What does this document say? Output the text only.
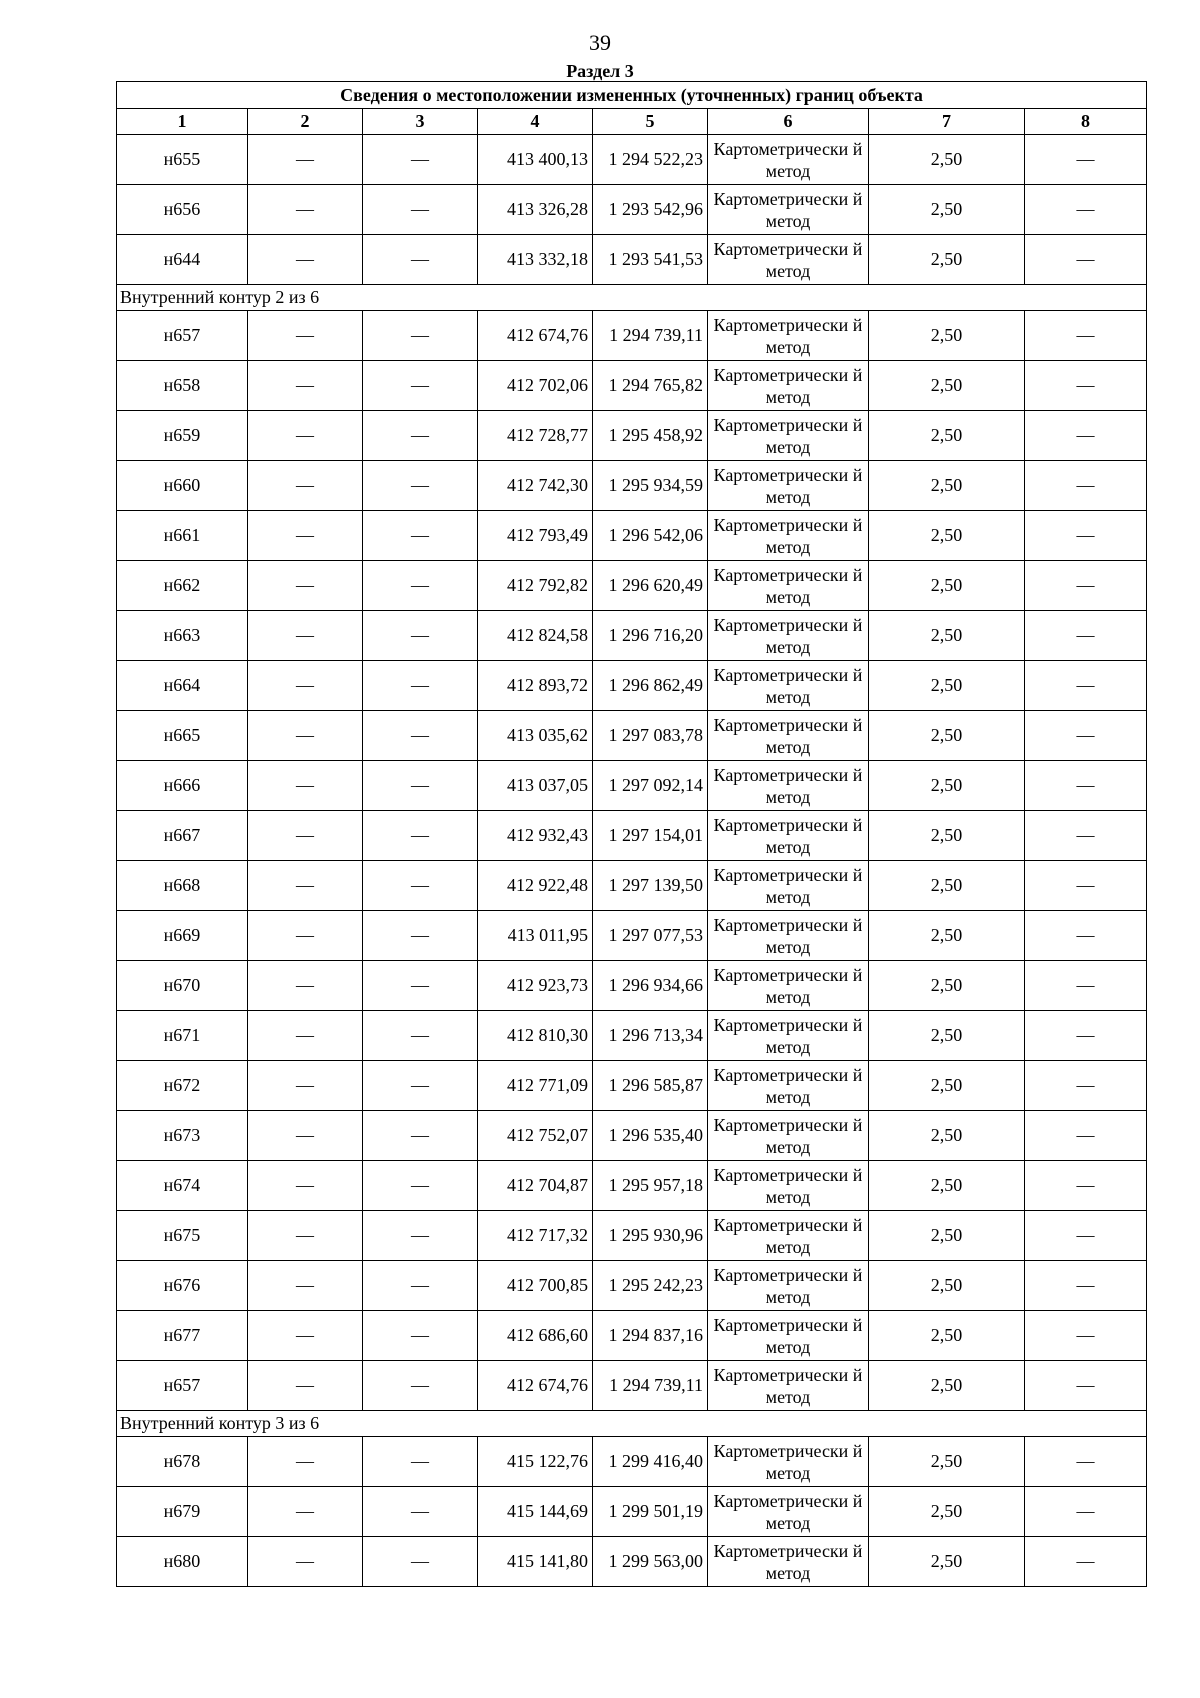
39
Раздел 3
Сведения о местоположении измененных (уточненных) границ объекта							
1	2	3	4	5	6	7	8
н655	—	—	413 400,13	1 294 522,23	Картометрически й метод	2,50	—
н656	—	—	413 326,28	1 293 542,96	Картометрически й метод	2,50	—
н644	—	—	413 332,18	1 293 541,53	Картометрически й метод	2,50	—
Внутренний контур 2 из 6							
н657	—	—	412 674,76	1 294 739,11	Картометрически й метод	2,50	—
н658	—	—	412 702,06	1 294 765,82	Картометрически й метод	2,50	—
н659	—	—	412 728,77	1 295 458,92	Картометрически й метод	2,50	—
н660	—	—	412 742,30	1 295 934,59	Картометрически й метод	2,50	—
н661	—	—	412 793,49	1 296 542,06	Картометрически й метод	2,50	—
н662	—	—	412 792,82	1 296 620,49	Картометрически й метод	2,50	—
н663	—	—	412 824,58	1 296 716,20	Картометрически й метод	2,50	—
н664	—	—	412 893,72	1 296 862,49	Картометрически й метод	2,50	—
н665	—	—	413 035,62	1 297 083,78	Картометрически й метод	2,50	—
н666	—	—	413 037,05	1 297 092,14	Картометрически й метод	2,50	—
н667	—	—	412 932,43	1 297 154,01	Картометрически й метод	2,50	—
н668	—	—	412 922,48	1 297 139,50	Картометрически й метод	2,50	—
н669	—	—	413 011,95	1 297 077,53	Картометрически й метод	2,50	—
н670	—	—	412 923,73	1 296 934,66	Картометрически й метод	2,50	—
н671	—	—	412 810,30	1 296 713,34	Картометрически й метод	2,50	—
н672	—	—	412 771,09	1 296 585,87	Картометрически й метод	2,50	—
н673	—	—	412 752,07	1 296 535,40	Картометрически й метод	2,50	—
н674	—	—	412 704,87	1 295 957,18	Картометрически й метод	2,50	—
н675	—	—	412 717,32	1 295 930,96	Картометрически й метод	2,50	—
н676	—	—	412 700,85	1 295 242,23	Картометрически й метод	2,50	—
н677	—	—	412 686,60	1 294 837,16	Картометрически й метод	2,50	—
н657	—	—	412 674,76	1 294 739,11	Картометрически й метод	2,50	—
Внутренний контур 3 из 6							
н678	—	—	415 122,76	1 299 416,40	Картометрически й метод	2,50	—
н679	—	—	415 144,69	1 299 501,19	Картометрически й метод	2,50	—
н680	—	—	415 141,80	1 299 563,00	Картометрически й метод	2,50	—
